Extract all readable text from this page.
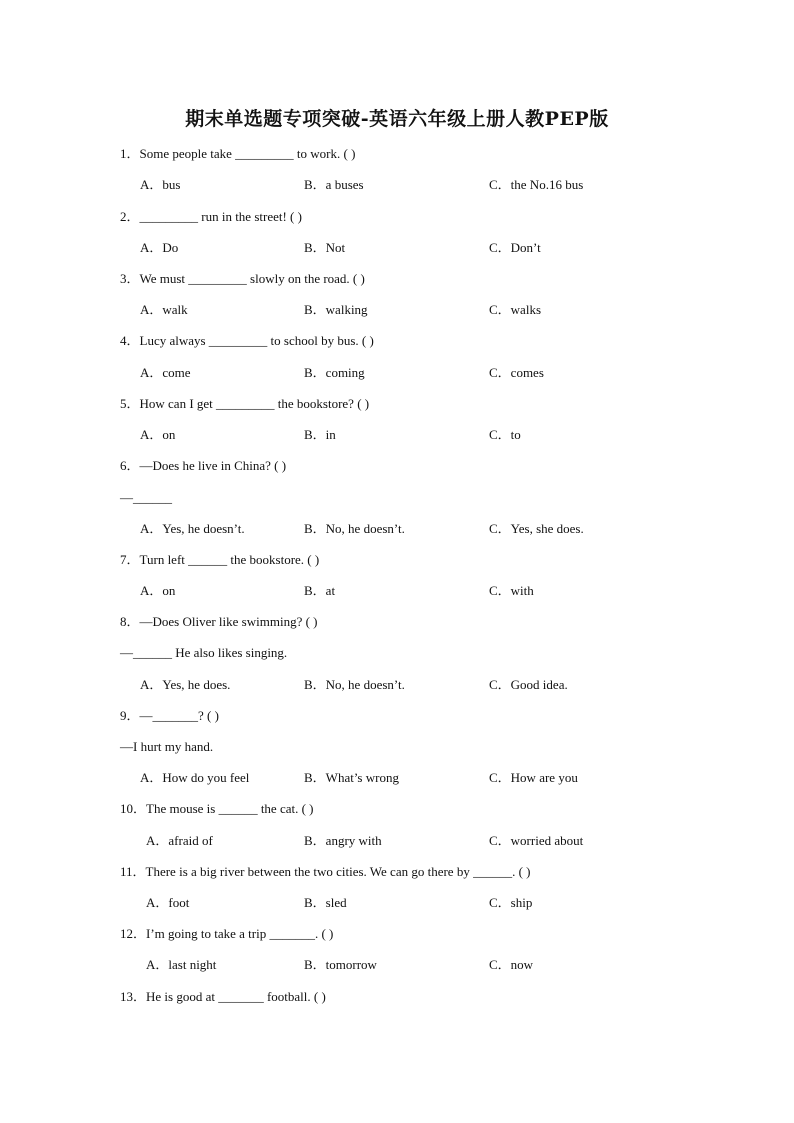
期末单选题专项突破-英语六年级上册人教PEP版
1．Some people take _________ to work. ( )
A．bus	B．a buses	C．the No.16 bus
2．_________ run in the street! ( )
A．Do	B．Not	C．Don’t
3．We must _________ slowly on the road. ( )
A．walk	B．walking	C．walks
4．Lucy always _________ to school by bus. ( )
A．come	B．coming	C．comes
5．How can I get _________ the bookstore? ( )
A．on	B．in	C．to
6．—Does he live in China? ( )
—______
A．Yes, he doesn’t.	B．No, he doesn’t.	C．Yes, she does.
7．Turn left ______ the bookstore. ( )
A．on	B．at	C．with
8．—Does Oliver like swimming? ( )
—______ He also likes singing.
A．Yes, he does.	B．No, he doesn’t.	C．Good idea.
9．—_______? ( )
—I hurt my hand.
A．How do you feel	B．What’s wrong	C．How are you
10．The mouse is ______ the cat. ( )
A．afraid of	B．angry with	C．worried about
11．There is a big river between the two cities. We can go there by ______. ( )
A．foot	B．sled	C．ship
12．I’m going to take a trip _______. ( )
A．last night	B．tomorrow	C．now
13．He is good at _______ football. ( )
